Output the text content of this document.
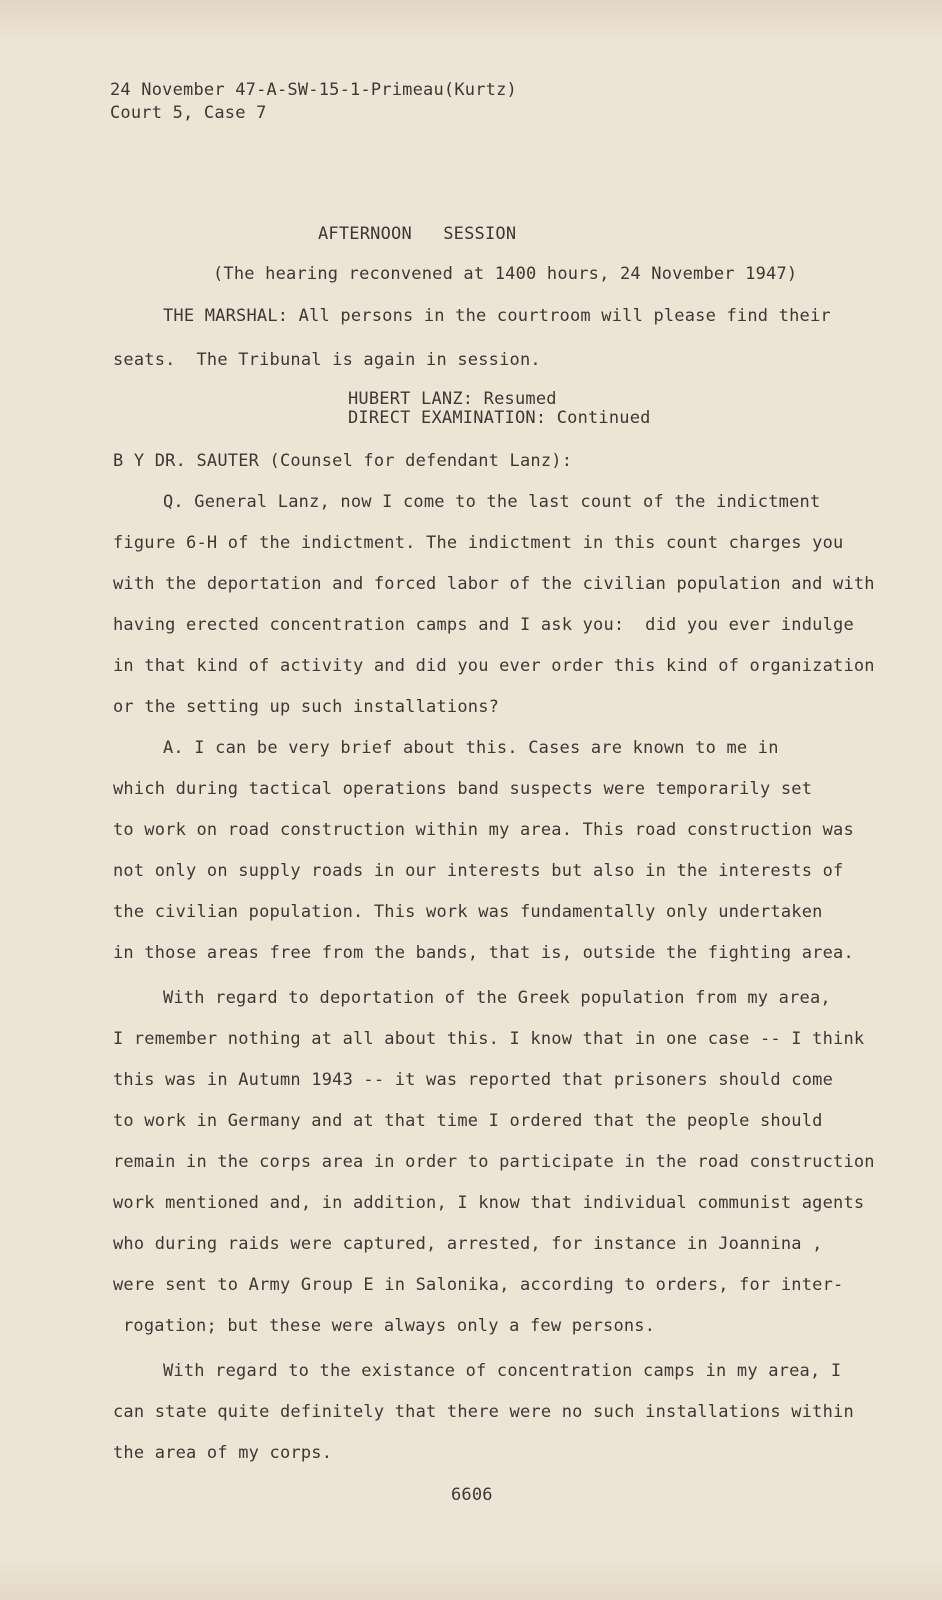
24 November 47-A-SW-15-1-Primeau(Kurtz)
Court 5, Case 7
AFTERNOON   SESSION
(The hearing reconvened at 1400 hours, 24 November 1947)
THE MARSHAL: All persons in the courtroom will please find their
seats.  The Tribunal is again in session.
HUBERT LANZ: Resumed
DIRECT EXAMINATION: Continued
B Y DR. SAUTER (Counsel for defendant Lanz):
Q. General Lanz, now I come to the last count of the indictment
figure 6-H of the indictment. The indictment in this count charges you
with the deportation and forced labor of the civilian population and with
having erected concentration camps and I ask you:  did you ever indulge
in that kind of activity and did you ever order this kind of organization
or the setting up such installations?
A. I can be very brief about this. Cases are known to me in
which during tactical operations band suspects were temporarily set
to work on road construction within my area. This road construction was
not only on supply roads in our interests but also in the interests of
the civilian population. This work was fundamentally only undertaken
in those areas free from the bands, that is, outside the fighting area.
With regard to deportation of the Greek population from my area,
I remember nothing at all about this. I know that in one case -- I think
this was in Autumn 1943 -- it was reported that prisoners should come
to work in Germany and at that time I ordered that the people should
remain in the corps area in order to participate in the road construction
work mentioned and, in addition, I know that individual communist agents
who during raids were captured, arrested, for instance in Joannina ,
were sent to Army Group E in Salonika, according to orders, for inter-
rogation; but these were always only a few persons.
With regard to the existance of concentration camps in my area, I
can state quite definitely that there were no such installations within
the area of my corps.
6606
